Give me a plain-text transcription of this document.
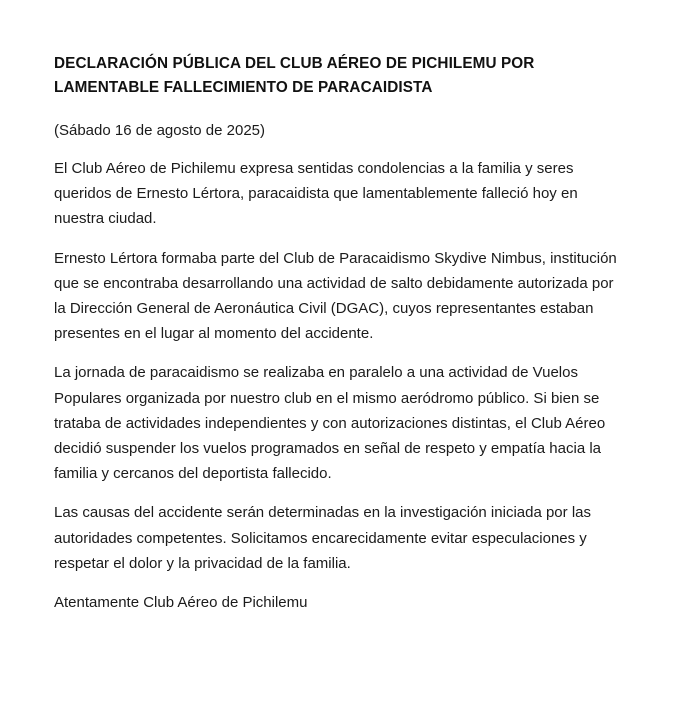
DECLARACIÓN PÚBLICA DEL CLUB AÉREO DE PICHILEMU POR LAMENTABLE FALLECIMIENTO DE PARACAIDISTA

(Sábado 16 de agosto de 2025)

El Club Aéreo de Pichilemu expresa sentidas condolencias a la familia y seres queridos de Ernesto Lértora, paracaidista que lamentablemente falleció hoy en nuestra ciudad.

Ernesto Lértora formaba parte del Club de Paracaidismo Skydive Nimbus, institución que se encontraba desarrollando una actividad de salto debidamente autorizada por la Dirección General de Aeronáutica Civil (DGAC), cuyos representantes estaban presentes en el lugar al momento del accidente.

La jornada de paracaidismo se realizaba en paralelo a una actividad de Vuelos Populares organizada por nuestro club en el mismo aeródromo público. Si bien se trataba de actividades independientes y con autorizaciones distintas, el Club Aéreo decidió suspender los vuelos programados en señal de respeto y empatía hacia la familia y cercanos del deportista fallecido.

Las causas del accidente serán determinadas en la investigación iniciada por las autoridades competentes. Solicitamos encarecidamente evitar especulaciones y respetar el dolor y la privacidad de la familia.

Atentamente Club Aéreo de Pichilemu
